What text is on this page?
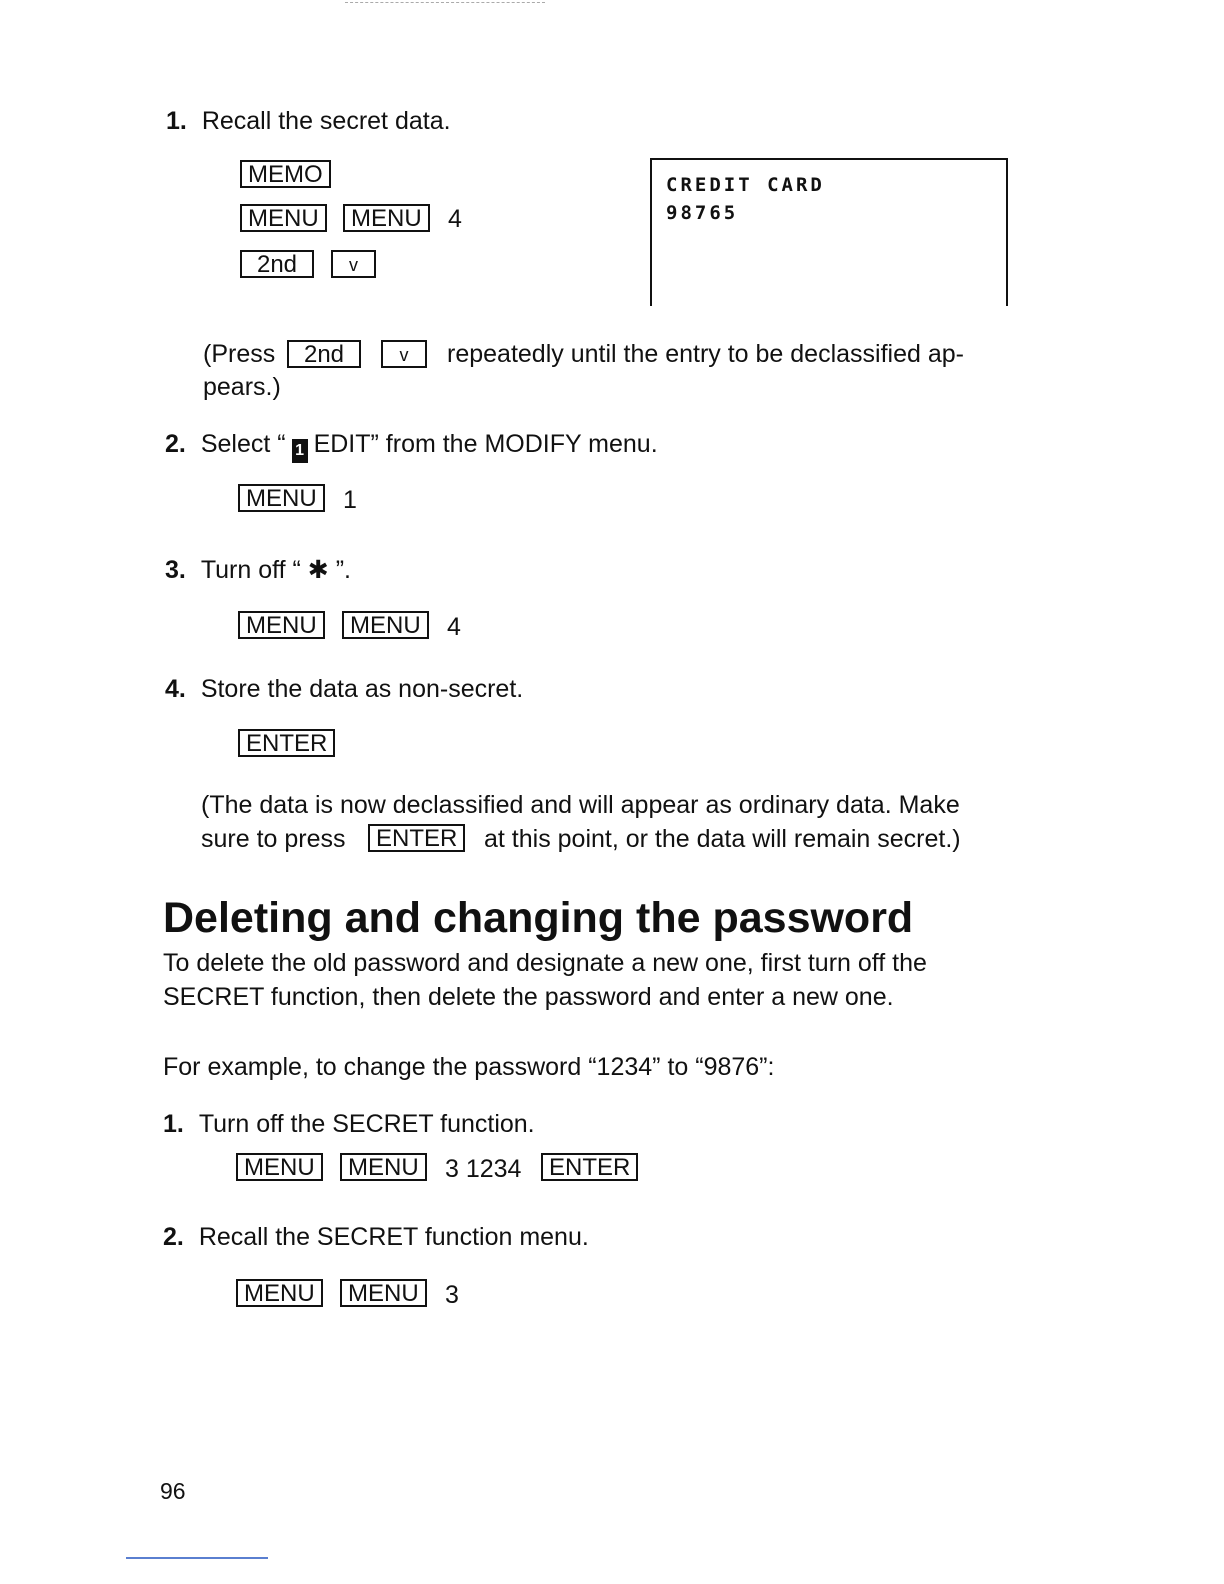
1. Recall the secret data.
MEMO
MENU	MENU	4
2nd	v
CREDIT CARD
98765
(Press	2nd	v	repeatedly until the entry to be declassified ap-
pears.)
2. Select “ 1 EDIT” from the MODIFY menu.
MENU	1
3. Turn off “ ✱ ”.
MENU	MENU	4
4. Store the data as non-secret.
ENTER
(The data is now declassified and will appear as ordinary data. Make
sure to press	ENTER	at this point, or the data will remain secret.)
Deleting and changing the password
To delete the old password and designate a new one, first turn off the
SECRET function, then delete the password and enter a new one.
For example, to change the password “1234” to “9876”:
1. Turn off the SECRET function.
MENU	MENU	3 1234	ENTER
2. Recall the SECRET function menu.
MENU	MENU	3
96
